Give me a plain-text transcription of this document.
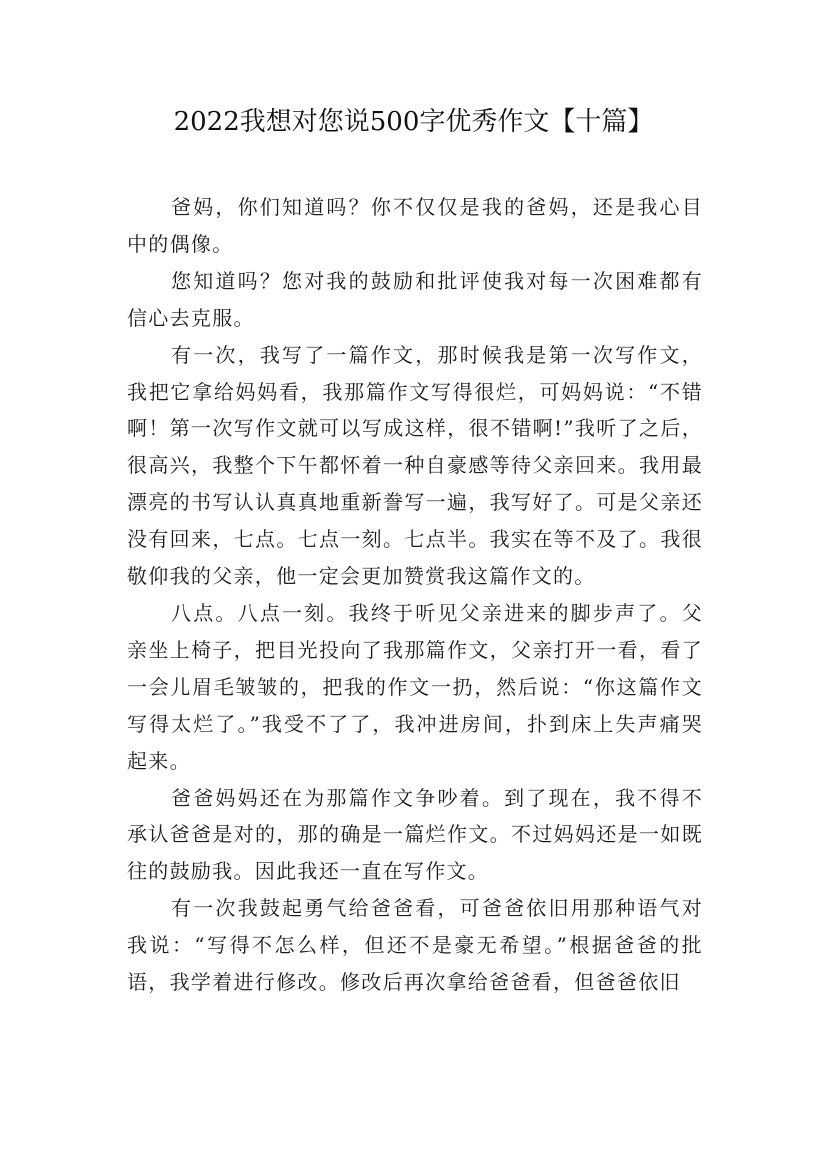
2022我想对您说500字优秀作文【十篇】

爸妈，你们知道吗？你不仅仅是我的爸妈，还是我心目中的偶像。

您知道吗？您对我的鼓励和批评使我对每一次困难都有信心去克服。

有一次，我写了一篇作文，那时候我是第一次写作文，我把它拿给妈妈看，我那篇作文写得很烂，可妈妈说：“不错啊！第一次写作文就可以写成这样，很不错啊!”我听了之后，很高兴，我整个下午都怀着一种自豪感等待父亲回来。我用最漂亮的书写认认真真地重新誊写一遍，我写好了。可是父亲还没有回来，七点。七点一刻。七点半。我实在等不及了。我很敬仰我的父亲，他一定会更加赞赏我这篇作文的。

八点。八点一刻。我终于听见父亲进来的脚步声了。父亲坐上椅子，把目光投向了我那篇作文，父亲打开一看，看了一会儿眉毛皱皱的，把我的作文一扔，然后说：“你这篇作文写得太烂了。”我受不了了，我冲进房间，扑到床上失声痛哭起来。

爸爸妈妈还在为那篇作文争吵着。到了现在，我不得不承认爸爸是对的，那的确是一篇烂作文。不过妈妈还是一如既往的鼓励我。因此我还一直在写作文。

有一次我鼓起勇气给爸爸看，可爸爸依旧用那种语气对我说：“写得不怎么样，但还不是豪无希望。”根据爸爸的批语，我学着进行修改。修改后再次拿给爸爸看，但爸爸依旧
